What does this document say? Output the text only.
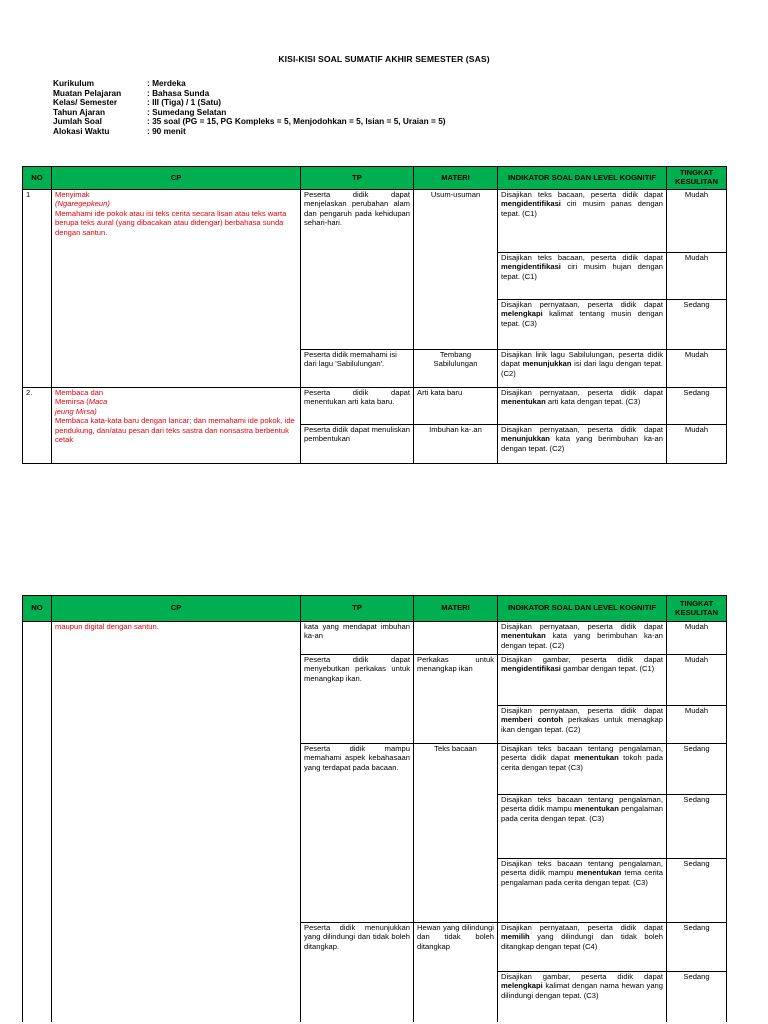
KISI-KISI SOAL SUMATIF AKHIR SEMESTER (SAS)
Kurikulum	: Merdeka
Muatan Pelajaran	: Bahasa Sunda
Kelas/ Semester	: III (Tiga) / 1 (Satu)
Tahun Ajaran	: Sumedang Selatan
Jumlah Soal	: 35 soal (PG = 15, PG Kompleks = 5, Menjodohkan = 5, Isian = 5, Uraian = 5)
Alokasi Waktu	: 90 menit
NO	CP	TP	MATERI	INDIKATOR SOAL DAN LEVEL KOGNITIF	TINGKAT KESULITAN
1	Menyimak
(Ngaregepkeun)
Memahami ide pokok atau isi teks cerita secara lisan atau teks warta berupa teks aural (yang dibacakan atau didengar) berbahasa sunda dengan santun.	Peserta didik dapat menjelaskan perubahan alam dan pengaruh pada kehidupan sehari-hari.	Usum-usuman	Disajikan teks bacaan, peserta didik dapat mengidentifikasi ciri musim panas dengan tepat. (C1)	Mudah
				Disajikan teks bacaan, peserta didik dapat mengidentifikasi ciri musim hujan dengan tepat. (C1)	Mudah
				Disajikan pernyataan, peserta didik dapat melengkapi kalimat tentang musin dengan tepat. (C3)	Sedang
		Peserta didik memahami isi dari lagu 'Sabilulungan'.	Tembang Sabilulungan	Disajikan lirik lagu Sabilulungan, peserta didik dapat menunjukkan isi dari lagu dengan tepat. (C2)	Mudah
2.	Membaca dan
Memirsa (Maca
jeung Mirsa)
Membaca kata-kata baru dengan lancar; dan memahami ide pokok, ide pendukung, dan/atau pesan dari teks sastra dan nonsastra berbentuk cetak	Peserta didik dapat menentukan arti kata baru.	Arti kata baru	Disajikan pernyataan, peserta didik dapat menentukan arti kata dengan tepat. (C3)	Sedang
		Peserta didik dapat menuliskan pembentukan	Imbuhan ka-.an	Disajikan pernyataan, peserta didik dapat menunjukkan kata yang berimbuhan ka-an dengan tepat. (C2)	Mudah
NO	CP	TP	MATERI	INDIKATOR SOAL DAN LEVEL KOGNITIF	TINGKAT KESULITAN
	maupun digital dengan santun.	kata yang mendapat imbuhan ka-an		Disajikan pernyataan, peserta didik dapat menentukan kata yang berimbuhan ka-an dengan tepat. (C2)	Mudah
		Peserta didik dapat menyebutkan perkakas untuk menangkap ikan.	Perkakas untuk menangkap ikan	Disajikan gambar, peserta didik dapat mengidentifikasi gambar dengan tepat. (C1)	Mudah
				Disajikan pernyataan, peserta didik dapat memberi contoh perkakas untuk menagkap ikan dengan tepat. (C2)	Mudah
		Peserta didik mampu memahami aspek kebahasaan yang terdapat pada bacaan.	Teks bacaan	Disajikan teks bacaan tentang pengalaman, peserta didik dapat menentukan tokoh pada cerita dengan tepat (C3)	Sedang
				Disajikan teks bacaan tentang pengalaman, peserta didik mampu menentukan pengalaman pada cerita dengan tepat. (C3)	Sedang
				Disajikan teks bacaan tentang pengalaman, peserta didik mampu menentukan tema cerita pengalaman pada cerita dengan tepat. (C3)	Sedang
		Peserta didik menunjukkan yang dilindungi dan tidak boleh ditangkap.	Hewan yang dilindungi dan tidak boleh ditangkap	Disajikan pernyataan, peserta didik dapat memilih yang dilindungi dan tidak boleh ditangkap dengan tepat (C4)	Sedang
				Disajikan gambar, peserta didik dapat melengkapi kalimat dengan nama hewan yang dilindungi dengan tepat. (C3)	Sedang
